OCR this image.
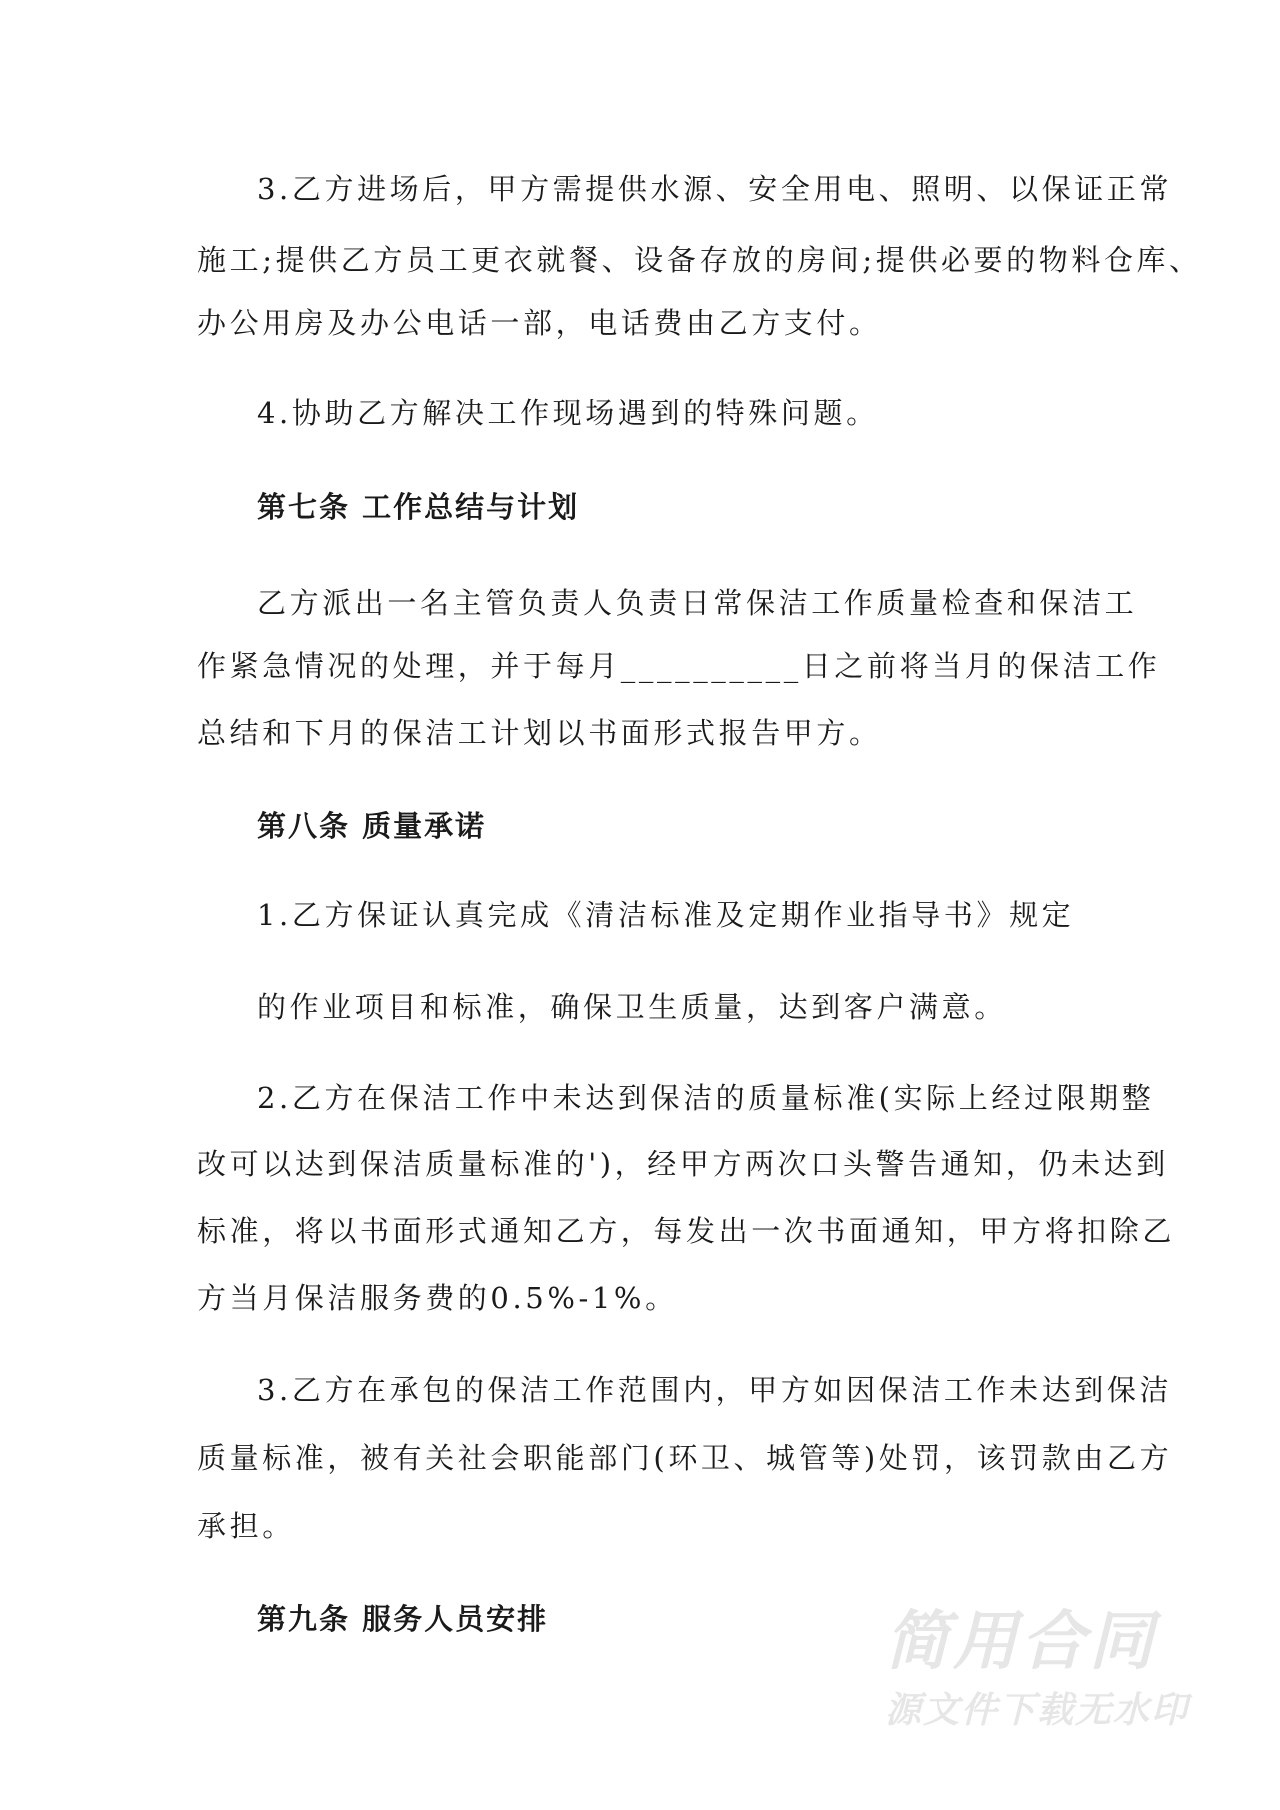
3.乙方进场后，甲方需提供水源、安全用电、照明、以保证正常
施工;提供乙方员工更衣就餐、设备存放的房间;提供必要的物料仓库、
办公用房及办公电话一部，电话费由乙方支付。
4.协助乙方解决工作现场遇到的特殊问题。
第七条 工作总结与计划
乙方派出一名主管负责人负责日常保洁工作质量检查和保洁工
作紧急情况的处理，并于每月__________日之前将当月的保洁工作
总结和下月的保洁工计划以书面形式报告甲方。
第八条 质量承诺
1.乙方保证认真完成《清洁标准及定期作业指导书》规定
的作业项目和标准，确保卫生质量，达到客户满意。
2.乙方在保洁工作中未达到保洁的质量标准(实际上经过限期整
改可以达到保洁质量标准的')，经甲方两次口头警告通知，仍未达到
标准，将以书面形式通知乙方，每发出一次书面通知，甲方将扣除乙
方当月保洁服务费的0.5%-1%。
3.乙方在承包的保洁工作范围内，甲方如因保洁工作未达到保洁
质量标准，被有关社会职能部门(环卫、城管等)处罚，该罚款由乙方
承担。
第九条 服务人员安排	简用合同
源文件下载无水印
